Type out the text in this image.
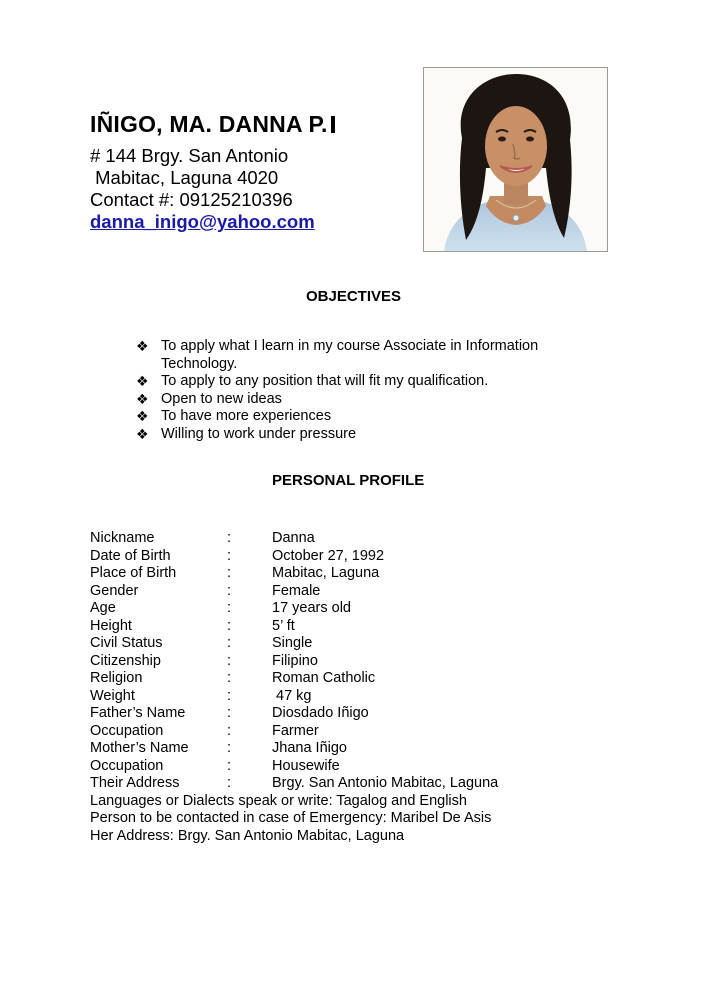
IÑIGO, MA. DANNA P.
# 144 Brgy. San Antonio
Mabitac, Laguna 4020
Contact #: 09125210396
danna_inigo@yahoo.com
OBJECTIVES
❖ To apply what I learn in my course Associate in Information Technology.
❖ To apply to any position that will fit my qualification.
❖ Open to new ideas
❖ To have more experiences
❖ Willing to work under pressure
PERSONAL PROFILE
Nickname	:	Danna
Date of Birth	:	October 27, 1992
Place of Birth	:	Mabitac, Laguna
Gender	:	Female
Age	:	17 years old
Height	:	5’ ft
Civil Status	:	Single
Citizenship	:	Filipino
Religion	:	Roman Catholic
Weight	:	47 kg
Father’s Name	:	Diosdado Iñigo
Occupation	:	Farmer
Mother’s Name	:	Jhana Iñigo
Occupation	:	Housewife
Their Address	:	Brgy. San Antonio Mabitac, Laguna
Languages or Dialects speak or write: Tagalog and English
Person to be contacted in case of Emergency: Maribel De Asis
Her Address: Brgy. San Antonio Mabitac, Laguna
